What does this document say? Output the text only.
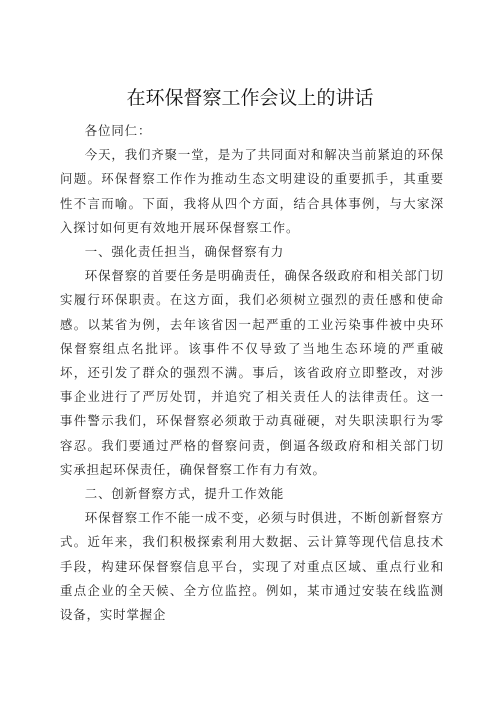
在环保督察工作会议上的讲话

各位同仁：

今天，我们齐聚一堂，是为了共同面对和解决当前紧迫的环保问题。环保督察工作作为推动生态文明建设的重要抓手，其重要性不言而喻。下面，我将从四个方面，结合具体事例，与大家深入探讨如何更有效地开展环保督察工作。

一、强化责任担当，确保督察有力

环保督察的首要任务是明确责任，确保各级政府和相关部门切实履行环保职责。在这方面，我们必须树立强烈的责任感和使命感。以某省为例，去年该省因一起严重的工业污染事件被中央环保督察组点名批评。该事件不仅导致了当地生态环境的严重破坏，还引发了群众的强烈不满。事后，该省政府立即整改，对涉事企业进行了严厉处罚，并追究了相关责任人的法律责任。这一事件警示我们，环保督察必须敢于动真碰硬，对失职渎职行为零容忍。我们要通过严格的督察问责，倒逼各级政府和相关部门切实承担起环保责任，确保督察工作有力有效。

二、创新督察方式，提升工作效能

环保督察工作不能一成不变，必须与时俱进，不断创新督察方式。近年来，我们积极探索利用大数据、云计算等现代信息技术手段，构建环保督察信息平台，实现了对重点区域、重点行业和重点企业的全天候、全方位监控。例如，某市通过安装在线监测设备，实时掌握企
